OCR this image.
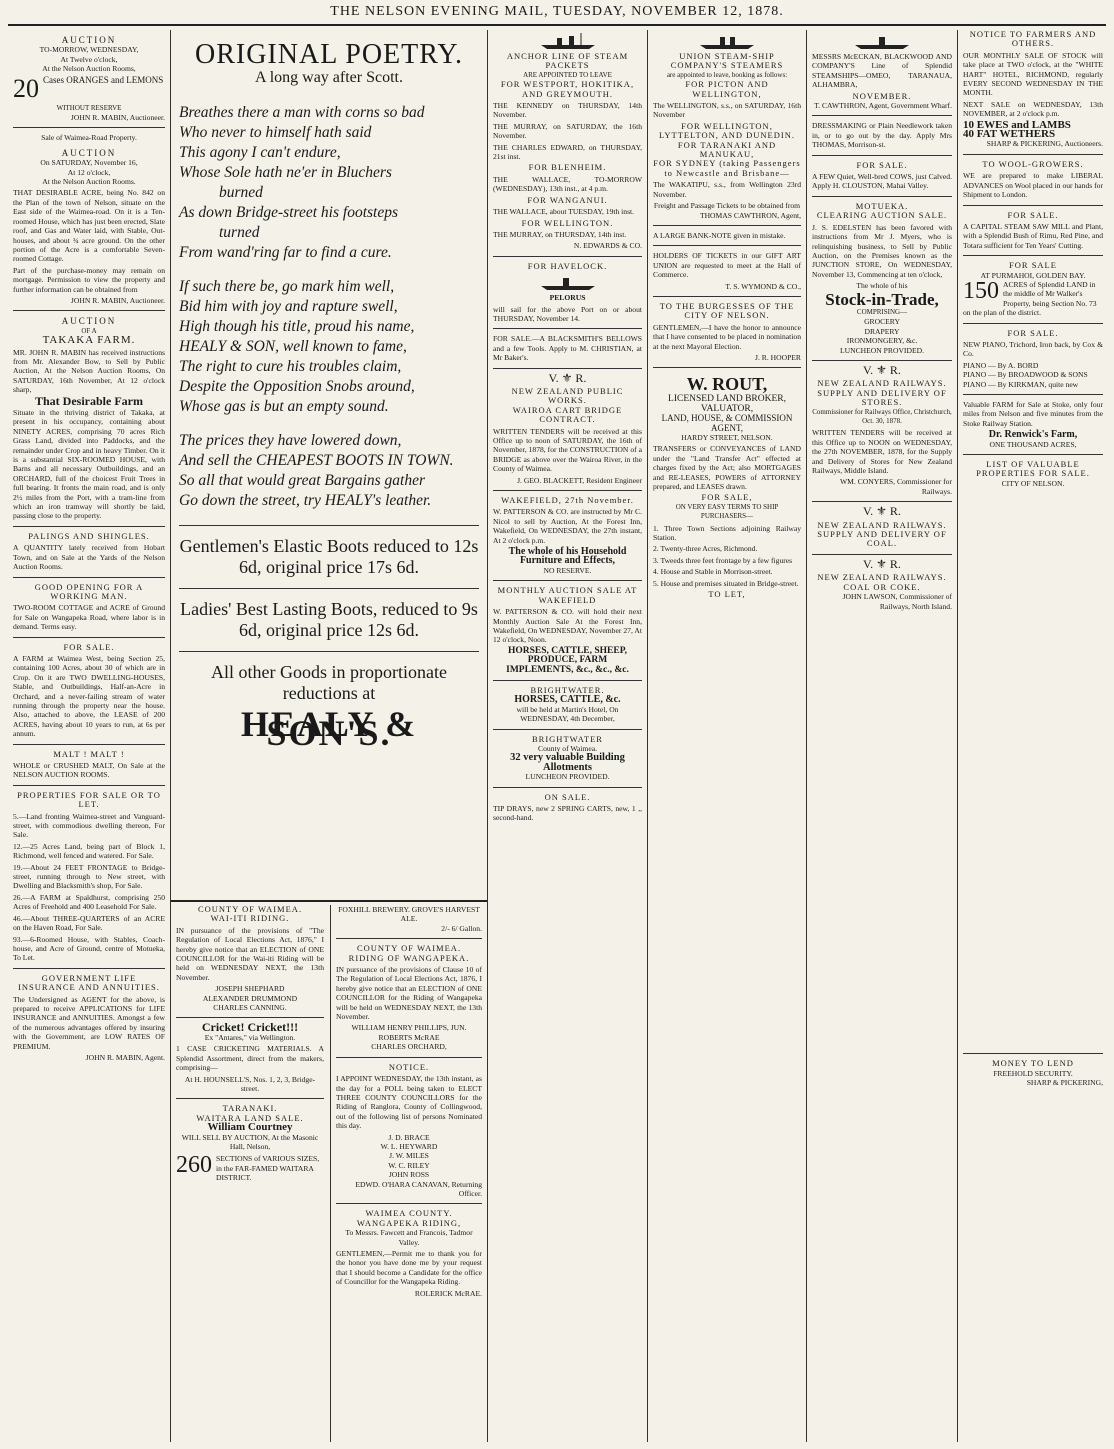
THE NELSON EVENING MAIL, TUESDAY, NOVEMBER 12, 1878.
AUCTION
TO-MORROW, WEDNESDAY,
At Twelve o'clock,
At the Nelson Auction Rooms,
20 Cases ORANGES and LEMONS
WITHOUT RESERVE
JOHN R. MABIN, Auctioneer.
Sale of Waimea-Road Property.
AUCTION
On SATURDAY, November 16,
At 12 o'clock,
At the Nelson Auction Rooms.
THAT DESIRABLE ACRE, being No. 842 on the Plan of the town of Nelson, situate on the East side of the Waimea-road. On it is a Ten-roomed House, which has just been erected, Slate roof, and Gas and Water laid, with Stable, Out-houses, and about ¾ acre ground. On the other portion of the Acre is a comfortable Seven-roomed Cottage.
Part of the purchase-money may remain on mortgage. Permission to view the property and further information can be obtained from
JOHN R. MABIN, Auctioneer.
AUCTION
OF A
TAKAKA FARM.
MR. JOHN R. MABIN has received instructions from Mr. Alexander Bow, to Sell by Public Auction, At the Nelson Auction Rooms, On SATURDAY, 16th November, At 12 o'clock sharp,
That Desirable Farm
Situate in the thriving district of Takaka, at present in his occupancy, containing about NINETY ACRES, comprising 70 acres Rich Grass Land, divided into Paddocks, and the remainder under Crop and in heavy Timber. On it is a substantial SIX-ROOMED HOUSE, with Barns and all necessary Outbuildings, and an ORCHARD, full of the choicest Fruit Trees in full bearing. It fronts the main road, and is only 2½ miles from the Port, with a tram-line from which an iron tramway will shortly be laid, passing close to the property.
PALINGS AND SHINGLES.
A QUANTITY lately received from Hobart Town, and on Sale at the Yards of the Nelson Auction Rooms.
GOOD OPENING FOR A WORKING MAN.
TWO-ROOM COTTAGE and ACRE of Ground for Sale on Wangapeka Road, where labor is in demand. Terms easy.
FOR SALE.
A FARM at Waimea West, being Section 25, containing 100 Acres, about 30 of which are in Crop. On it are TWO DWELLING-HOUSES, Stable, and Outbuildings, Half-an-Acre in Orchard, and a never-failing stream of water running through the property near the house. Also, attached to above, the LEASE of 200 ACRES, having about 10 years to run, at 6s per annum.
MALT ! MALT !
WHOLE or CRUSHED MALT, On Sale at the NELSON AUCTION ROOMS.
PROPERTIES FOR SALE OR TO LET.
5.—Land fronting Waimea-street and Vanguard-street, with commodious dwelling thereon, For Sale.
12.—25 Acres Land, being part of Block 1, Richmond, well fenced and watered. For Sale.
19.—About 24 FEET FRONTAGE to Bridge-street, running through to New street, with Dwelling and Blacksmith's shop, For Sale.
26.—A FARM at Spaldhurst, comprising 250 Acres of Freehold and 400 Leasehold For Sale.
46.—About THREE-QUARTERS of an ACRE on the Haven Road, For Sale.
93.—6-Roomed House, with Stables, Coach-house, and Acre of Ground, centre of Motueka, To Let.
GOVERNMENT LIFE INSURANCE AND ANNUITIES.
The Undersigned as AGENT for the above, is prepared to receive APPLICATIONS for LIFE INSURANCE and ANNUITIES. Amongst a few of the numerous advantages offered by insuring with the Government, are LOW RATES OF PREMIUM.
JOHN R. MABIN, Agent.
ORIGINAL POETRY.
A long way after Scott.
Breathes there a man with corns so bad
Who never to himself hath said
This agony I can't endure,
Whose Sole hath ne'er in Bluchers
burned
As down Bridge-street his footsteps
turned
From wand'ring far to find a cure.
If such there be, go mark him well,
Bid him with joy and rapture swell,
High though his title, proud his name,
HEALY & SON, well known to fame,
The right to cure his troubles claim,
Despite the Opposition Snobs around,
Whose gas is but an empty sound.
The prices they have lowered down,
And sell the CHEAPEST BOOTS IN TOWN.
So all that would great Bargains gather
Go down the street, try HEALY's leather.
Gentlemen's Elastic Boots reduced to 12s 6d, original price 17s 6d.
Ladies' Best Lasting Boots, reduced to 9s 6d, original price 12s 6d.
All other Goods in proportionate reductions at
HEALY & SON'S.
COUNTY OF WAIMEA.
WAI-ITI RIDING.
IN pursuance of the provisions of "The Regulation of Local Elections Act, 1876," I hereby give notice that an ELECTION of ONE COUNCILLOR for the Wai-iti Riding will be held on WEDNESDAY NEXT, the 13th November.
JOSEPH SHEPHARD
ALEXANDER DRUMMOND
CHARLES CANNING.
Cricket! Cricket!!!
Ex "Antares," via Wellington.
1 CASE CRICKETING MATERIALS. A Splendid Assortment, direct from the makers, comprising—
At H. HOUNSELL'S, Nos. 1, 2, 3, Bridge-street.
TARANAKI.
WAITARA LAND SALE.
William Courtney
WILL SELL BY AUCTION, At the Masonic Hall, Nelson,
260 SECTIONS of VARIOUS SIZES, in the FAR-FAMED WAITARA DISTRICT.
FOXHILL BREWERY. GROVE'S HARVEST ALE.
2/- 6/ Gallon.
COUNTY OF WAIMEA.
RIDING OF WANGAPEKA.
IN pursuance of the provisions of Clause 10 of The Regulation of Local Elections Act, 1876, I hereby give notice that an ELECTION of ONE COUNCILLOR for the Riding of Wangapeka will be held on WEDNESDAY NEXT, the 13th November.
WILLIAM HENRY PHILLIPS, JUN.
ROBERTS McRAE
CHARLES ORCHARD,
NOTICE.
I APPOINT WEDNESDAY, the 13th instant, as the day for a POLL being taken to ELECT THREE COUNTY COUNCILLORS for the Riding of Ranglora, County of Collingwood, out of the following list of persons Nominated this day.
J. D. BRACE
W. L. HEYWARD
J. W. MILES
W. C. RILEY
JOHN ROSS
EDWD. O'HARA CANAVAN, Returning Officer.
WAIMEA COUNTY.
WANGAPEKA RIDING,
To Messrs. Fawcett and Francois, Tadmor Valley.
GENTLEMEN,—Permit me to thank you for the honor you have done me by your request that I should become a Candidate for the office of Councillor for the Wangapeka Riding.
ROLERICK McRAE.
ANCHOR LINE OF STEAM PACKETS
ARE APPOINTED TO LEAVE
FOR WESTPORT, HOKITIKA, AND GREYMOUTH.
THE KENNEDY on THURSDAY, 14th November.
THE MURRAY, on SATURDAY, the 16th November.
THE CHARLES EDWARD, on THURSDAY, 21st inst.
FOR BLENHEIM.
THE WALLACE, TO-MORROW (WEDNESDAY), 13th inst., at 4 p.m.
FOR WANGANUI.
THE WALLACE, about TUESDAY, 19th inst.
FOR WELLINGTON.
THE MURRAY, on THURSDAY, 14th inst.
N. EDWARDS & CO.
FOR HAVELOCK.
PELORUS
will sail for the above Port on or about THURSDAY, November 14.
FOR SALE.—A BLACKSMITH'S BELLOWS and a few Tools. Apply to M. CHRISTIAN, at Mr Baker's.
V. ⚜ R.
NEW ZEALAND PUBLIC WORKS.
WAIROA CART BRIDGE CONTRACT.
WRITTEN TENDERS will be received at this Office up to noon of SATURDAY, the 16th of November, 1878, for the CONSTRUCTION of a BRIDGE as above over the Wairoa River, in the County of Waimea.
J. GEO. BLACKETT, Resident Engineer
WAKEFIELD, 27th November.
W. PATTERSON & CO. are instructed by Mr C. Nicol to sell by Auction, At the Forest Inn, Wakefield, On WEDNESDAY, the 27th instant, At 2 o'clock p.m.
The whole of his Household Furniture and Effects,
NO RESERVE.
MONTHLY AUCTION SALE AT WAKEFIELD
W. PATTERSON & CO. will hold their next Monthly Auction Sale At the Forest Inn, Wakefield, On WEDNESDAY, November 27, At 12 o'clock, Noon.
HORSES, CATTLE, SHEEP, PRODUCE, FARM IMPLEMENTS, &c., &c., &c.
BRIGHTWATER.
HORSES, CATTLE, &c.
will be held at Martin's Hotel, On WEDNESDAY, 4th December,
BRIGHTWATER
County of Waimea.
32 very valuable Building Allotments
LUNCHEON PROVIDED.
ON SALE.
TIP DRAYS, new 2 SPRING CARTS, new, 1 ,, second-hand.
UNION STEAM-SHIP COMPANY'S STEAMERS
are appointed to leave, booking as follows:
FOR PICTON AND WELLINGTON,
The WELLINGTON, s.s., on SATURDAY, 16th November
FOR WELLINGTON, LYTTELTON, AND DUNEDIN.
FOR TARANAKI AND MANUKAU,
FOR SYDNEY (taking Passengers to Newcastle and Brisbane—
The WAKATIPU, s.s., from Wellington 23rd November.
Freight and Passage Tickets to be obtained from
THOMAS CAWTHRON, Agent,
A LARGE BANK-NOTE given in mistake.
HOLDERS OF TICKETS in our GIFT ART UNION are requested to meet at the Hall of Commerce.
T. S. WYMOND & CO.,
TO THE BURGESSES OF THE CITY OF NELSON.
GENTLEMEN,—I have the honor to announce that I have consented to be placed in nomination at the next Mayoral Election.
J. R. HOOPER
W. ROUT,
LICENSED LAND BROKER, VALUATOR,
LAND, HOUSE, & COMMISSION AGENT,
HARDY STREET, NELSON.
TRANSFERS or CONVEYANCES of LAND under the "Land Transfer Act" effected at charges fixed by the Act; also MORTGAGES and RE-LEASES, POWERS of ATTORNEY prepared, and LEASES drawn.
FOR SALE,
ON VERY EASY TERMS TO SHIP PURCHASERS—
1. Three Town Sections adjoining Railway Station.
2. Twenty-three Acres, Richmond.
3. Tweeds three feet frontage by a few figures
4. House and Stable in Morrison-street.
5. House and premises situated in Bridge-street.
TO LET,
MESSRS McECKAN, BLACKWOOD AND COMPANY'S Line of Splendid STEAMSHIPS—OMEO, TARANAUA, ALHAMBRA,
NOVEMBER.
T. CAWTHRON, Agent, Government Wharf.
DRESSMAKING or Plain Needlework taken in, or to go out by the day. Apply Mrs THOMAS, Morrison-st.
FOR SALE.
A FEW Quiet, Well-bred COWS, just Calved. Apply H. CLOUSTON, Mahai Valley.
MOTUEKA.
CLEARING AUCTION SALE.
J. S. EDELSTEN has been favored with instructions from Mr J. Myers, who is relinquishing business, to Sell by Public Auction, on the Premises known as the JUNCTION STORE, On WEDNESDAY, November 13, Commencing at ten o'clock,
The whole of his
Stock-in-Trade,
COMPRISING—
GROCERY
DRAPERY
IRONMONGERY, &c.
LUNCHEON PROVIDED.
V. ⚜ R.
NEW ZEALAND RAILWAYS.
SUPPLY AND DELIVERY OF STORES.
Commissioner for Railways Office, Christchurch, Oct. 30, 1878.
WRITTEN TENDERS will be received at this Office up to NOON on WEDNESDAY, the 27th NOVEMBER, 1878, for the Supply and Delivery of Stores for New Zealand Railways, Middle Island.
WM. CONYERS, Commissioner for Railways.
V. ⚜ R.
NEW ZEALAND RAILWAYS.
SUPPLY AND DELIVERY OF COAL.
V. ⚜ R.
NEW ZEALAND RAILWAYS.
COAL OR COKE.
JOHN LAWSON, Commissioner of Railways, North Island.
NOTICE TO FARMERS AND OTHERS.
OUR MONTHLY SALE OF STOCK will take place at TWO o'clock, at the "WHITE HART" HOTEL, RICHMOND, regularly EVERY SECOND WEDNESDAY IN THE MONTH.
NEXT SALE on WEDNESDAY, 13th NOVEMBER, at 2 o'clock p.m.
10 EWES and LAMBS
40 FAT WETHERS
SHARP & PICKERING, Auctioneers.
TO WOOL-GROWERS.
WE are prepared to make LIBERAL ADVANCES on Wool placed in our hands for Shipment to London.
FOR SALE.
A CAPITAL STEAM SAW MILL and Plant, with a Splendid Bush of Rimu, Red Pine, and Totara sufficient for Ten Years' Cutting.
FOR SALE
AT PURMAHOI, GOLDEN BAY.
150 ACRES of Splendid LAND in the middle of Mr Walker's Property, being Section No. 73 on the plan of the district.
FOR SALE.
NEW PIANO, Trichord, Iron back, by Cox & Co.
PIANO — By A. BORD
PIANO — By BROADWOOD & SONS
PIANO — By KIRKMAN, quite new
Valuable FARM for Sale at Stoke, only four miles from Nelson and five minutes from the Stoke Railway Station.
Dr. Renwick's Farm,
ONE THOUSAND ACRES,
LIST OF VALUABLE PROPERTIES FOR SALE.
CITY OF NELSON.
MONEY TO LEND
FREEHOLD SECURITY.
SHARP & PICKERING,
